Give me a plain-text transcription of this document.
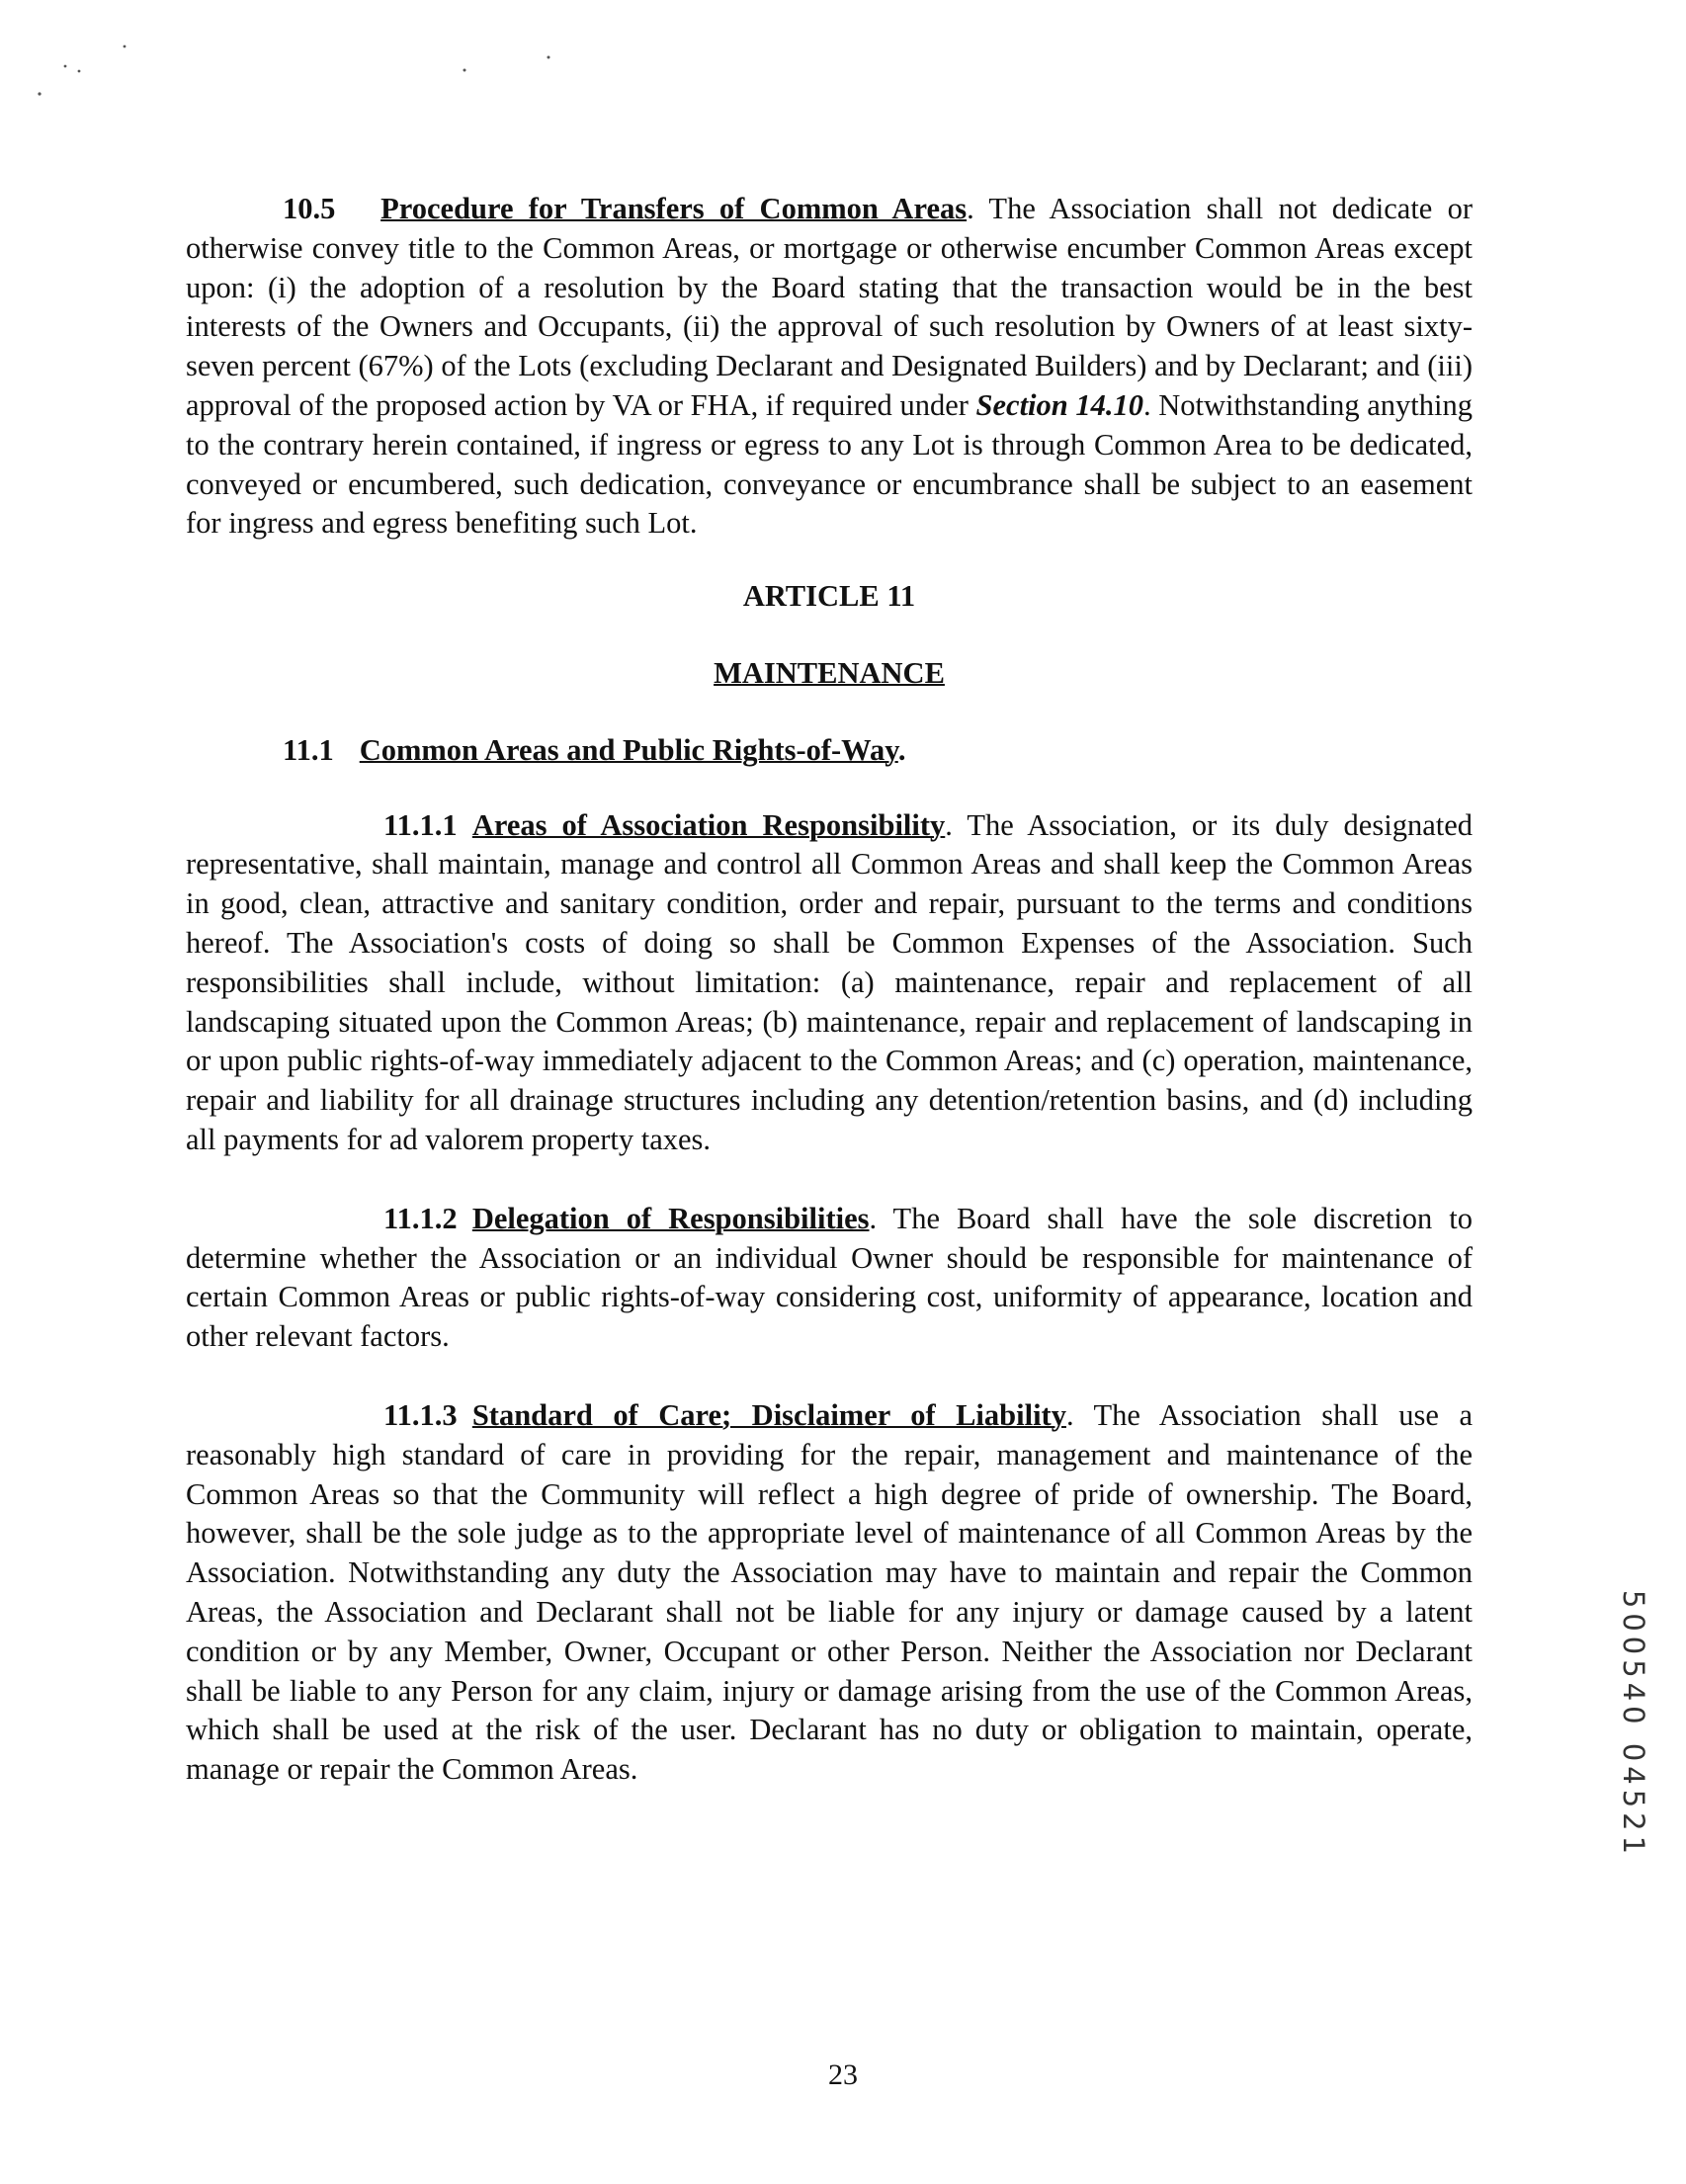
10.5   Procedure for Transfers of Common Areas. The Association shall not dedicate or otherwise convey title to the Common Areas, or mortgage or otherwise encumber Common Areas except upon: (i) the adoption of a resolution by the Board stating that the transaction would be in the best interests of the Owners and Occupants, (ii) the approval of such resolution by Owners of at least sixty-seven percent (67%) of the Lots (excluding Declarant and Designated Builders) and by Declarant; and (iii) approval of the proposed action by VA or FHA, if required under Section 14.10. Notwithstanding anything to the contrary herein contained, if ingress or egress to any Lot is through Common Area to be dedicated, conveyed or encumbered, such dedication, conveyance or encumbrance shall be subject to an easement for ingress and egress benefiting such Lot.

ARTICLE 11

MAINTENANCE

11.1 Common Areas and Public Rights-of-Way.

11.1.1  Areas of Association Responsibility. The Association, or its duly designated representative, shall maintain, manage and control all Common Areas and shall keep the Common Areas in good, clean, attractive and sanitary condition, order and repair, pursuant to the terms and conditions hereof. The Association's costs of doing so shall be Common Expenses of the Association. Such responsibilities shall include, without limitation: (a) maintenance, repair and replacement of all landscaping situated upon the Common Areas; (b) maintenance, repair and replacement of landscaping in or upon public rights-of-way immediately adjacent to the Common Areas; and (c) operation, maintenance, repair and liability for all drainage structures including any detention/retention basins, and (d) including all payments for ad valorem property taxes.

11.1.2  Delegation of Responsibilities. The Board shall have the sole discretion to determine whether the Association or an individual Owner should be responsible for maintenance of certain Common Areas or public rights-of-way considering cost, uniformity of appearance, location and other relevant factors.

11.1.3  Standard of Care; Disclaimer of Liability. The Association shall use a reasonably high standard of care in providing for the repair, management and maintenance of the Common Areas so that the Community will reflect a high degree of pride of ownership. The Board, however, shall be the sole judge as to the appropriate level of maintenance of all Common Areas by the Association. Notwithstanding any duty the Association may have to maintain and repair the Common Areas, the Association and Declarant shall not be liable for any injury or damage caused by a latent condition or by any Member, Owner, Occupant or other Person. Neither the Association nor Declarant shall be liable to any Person for any claim, injury or damage arising from the use of the Common Areas, which shall be used at the risk of the user. Declarant has no duty or obligation to maintain, operate, manage or repair the Common Areas.	500540 04521
23
